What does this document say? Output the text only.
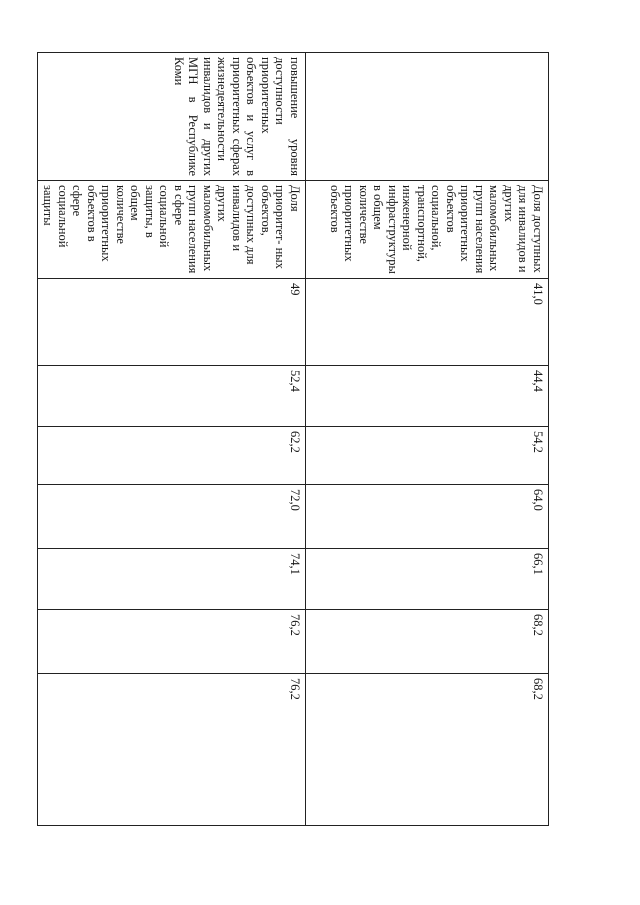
	Доля доступных для инвалидов и других маломобильных групп населения приоритетных объектов социальной, транспортной, инженерной инфраструктуры в общем количестве приоритетных объектов	41,0	44,4	54,2	64,0	66,1	68,2	68,2
повышение уровня доступности приоритетных объектов и услуг в приоритетных сферах жизнедеятельности инвалидов и других МГН в Республике Коми	Доля приоритет- ных объектов, доступных для инвалидов и других маломобильных групп населения в сфере социальной защиты, в общем количестве приоритетных объектов в сфере социальной защиты	49	52,4	62,2	72,0	74,1	76,2	76,2
